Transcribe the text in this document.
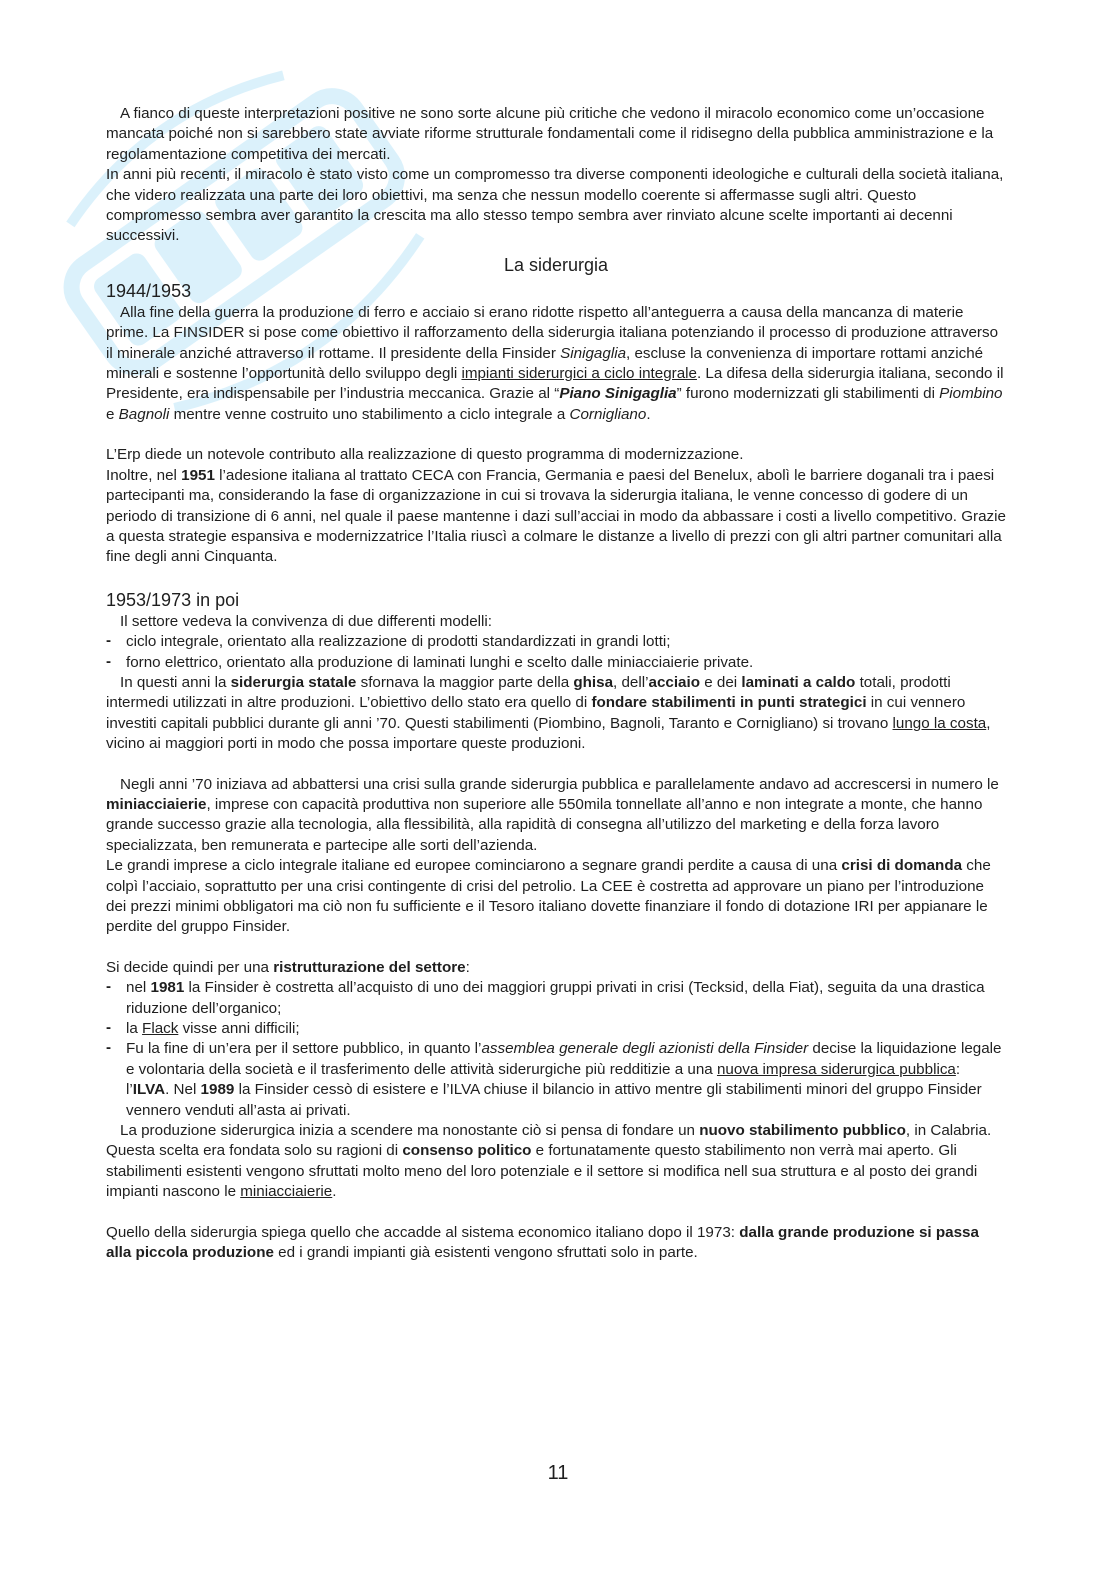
A fianco di queste interpretazioni positive ne sono sorte alcune più critiche che vedono il miracolo economico come un’occasione mancata poiché non si sarebbero state avviate riforme strutturale fondamentali come il ridisegno della pubblica amministrazione e la regolamentazione competitiva dei mercati.

In anni più recenti, il miracolo è stato visto come un compromesso tra diverse componenti ideologiche e culturali della società italiana, che videro realizzata una parte dei loro obiettivi, ma senza che nessun modello coerente si affermasse sugli altri. Questo compromesso sembra aver garantito la crescita ma allo stesso tempo sembra aver rinviato alcune scelte importanti ai decenni successivi.

La siderurgia
1944/1953

Alla fine della guerra la produzione di ferro e acciaio si erano ridotte rispetto all’anteguerra a causa della mancanza di materie prime. La FINSIDER si pose come obiettivo il rafforzamento della siderurgia italiana potenziando il processo di produzione attraverso il minerale anziché attraverso il rottame. Il presidente della Finsider Sinigaglia, escluse la convenienza di importare rottami anziché minerali e sostenne l’opportunità dello sviluppo degli impianti siderurgici a ciclo integrale. La difesa della siderurgia italiana, secondo il Presidente, era indispensabile per l’industria meccanica. Grazie al “Piano Sinigaglia” furono modernizzati gli stabilimenti di Piombino e Bagnoli mentre venne costruito uno stabilimento a ciclo integrale a Cornigliano.

L’Erp diede un notevole contributo alla realizzazione di questo programma di modernizzazione.

Inoltre, nel 1951 l’adesione italiana al trattato CECA con Francia, Germania e paesi del Benelux, abolì le barriere doganali tra i paesi partecipanti ma, considerando la fase di organizzazione in cui si trovava la siderurgia italiana, le venne concesso di godere di un periodo di transizione di 6 anni, nel quale il paese mantenne i dazi sull’acciai in modo da abbassare i costi a livello competitivo. Grazie a questa strategie espansiva e modernizzatrice l’Italia riuscì a colmare le distanze a livello di prezzi con gli altri partner comunitari alla fine degli anni Cinquanta.

1953/1973 in poi

Il settore vedeva la convivenza di due differenti modelli:

- ciclo integrale, orientato alla realizzazione di prodotti standardizzati in grandi lotti;
- forno elettrico, orientato alla produzione di laminati lunghi e scelto dalle miniacciaierie private.

In questi anni la siderurgia statale sfornava la maggior parte della ghisa, dell’acciaio e dei laminati a caldo totali, prodotti intermedi utilizzati in altre produzioni. L’obiettivo dello stato era quello di fondare stabilimenti in punti strategici in cui vennero investiti capitali pubblici durante gli anni ’70. Questi stabilimenti (Piombino, Bagnoli, Taranto e Cornigliano) si trovano lungo la costa, vicino ai maggiori porti in modo che possa importare queste produzioni.

Negli anni ’70 iniziava ad abbattersi una crisi sulla grande siderurgia pubblica e parallelamente andavo ad accrescersi in numero le miniacciaierie, imprese con capacità produttiva non superiore alle 550mila tonnellate all’anno e non integrate a monte, che hanno grande successo grazie alla tecnologia, alla flessibilità, alla rapidità di consegna all’utilizzo del marketing e della forza lavoro specializzata, ben remunerata e partecipe alle sorti dell’azienda.

Le grandi imprese a ciclo integrale italiane ed europee cominciarono a segnare grandi perdite a causa di una crisi di domanda che colpì l’acciaio, soprattutto per una crisi contingente di crisi del petrolio. La CEE è costretta ad approvare un piano per l’introduzione dei prezzi minimi obbligatori ma ciò non fu sufficiente e il Tesoro italiano dovette finanziare il fondo di dotazione IRI per appianare le perdite del gruppo Finsider.

Si decide quindi per una ristrutturazione del settore:

- nel 1981 la Finsider è costretta all’acquisto di uno dei maggiori gruppi privati in crisi (Tecksid, della Fiat), seguita da una drastica riduzione dell’organico;
- la Flack visse anni difficili;
- Fu la fine di un’era per il settore pubblico, in quanto l’assemblea generale degli azionisti della Finsider decise la liquidazione legale e volontaria della società e il trasferimento delle attività siderurgiche più redditizie a una nuova impresa siderurgica pubblica: l’ILVA. Nel 1989 la Finsider cessò di esistere e l’ILVA chiuse il bilancio in attivo mentre gli stabilimenti minori del gruppo Finsider vennero venduti all’asta ai privati.

La produzione siderurgica inizia a scendere ma nonostante ciò si pensa di fondare un nuovo stabilimento pubblico, in Calabria. Questa scelta era fondata solo su ragioni di consenso politico e fortunatamente questo stabilimento non verrà mai aperto. Gli stabilimenti esistenti vengono sfruttati molto meno del loro potenziale e il settore si modifica nell sua struttura e al posto dei grandi impianti nascono le miniacciaierie.

Quello della siderurgia spiega quello che accadde al sistema economico italiano dopo il 1973: dalla grande produzione si passa alla piccola produzione ed i grandi impianti già esistenti vengono sfruttati solo in parte.

11
